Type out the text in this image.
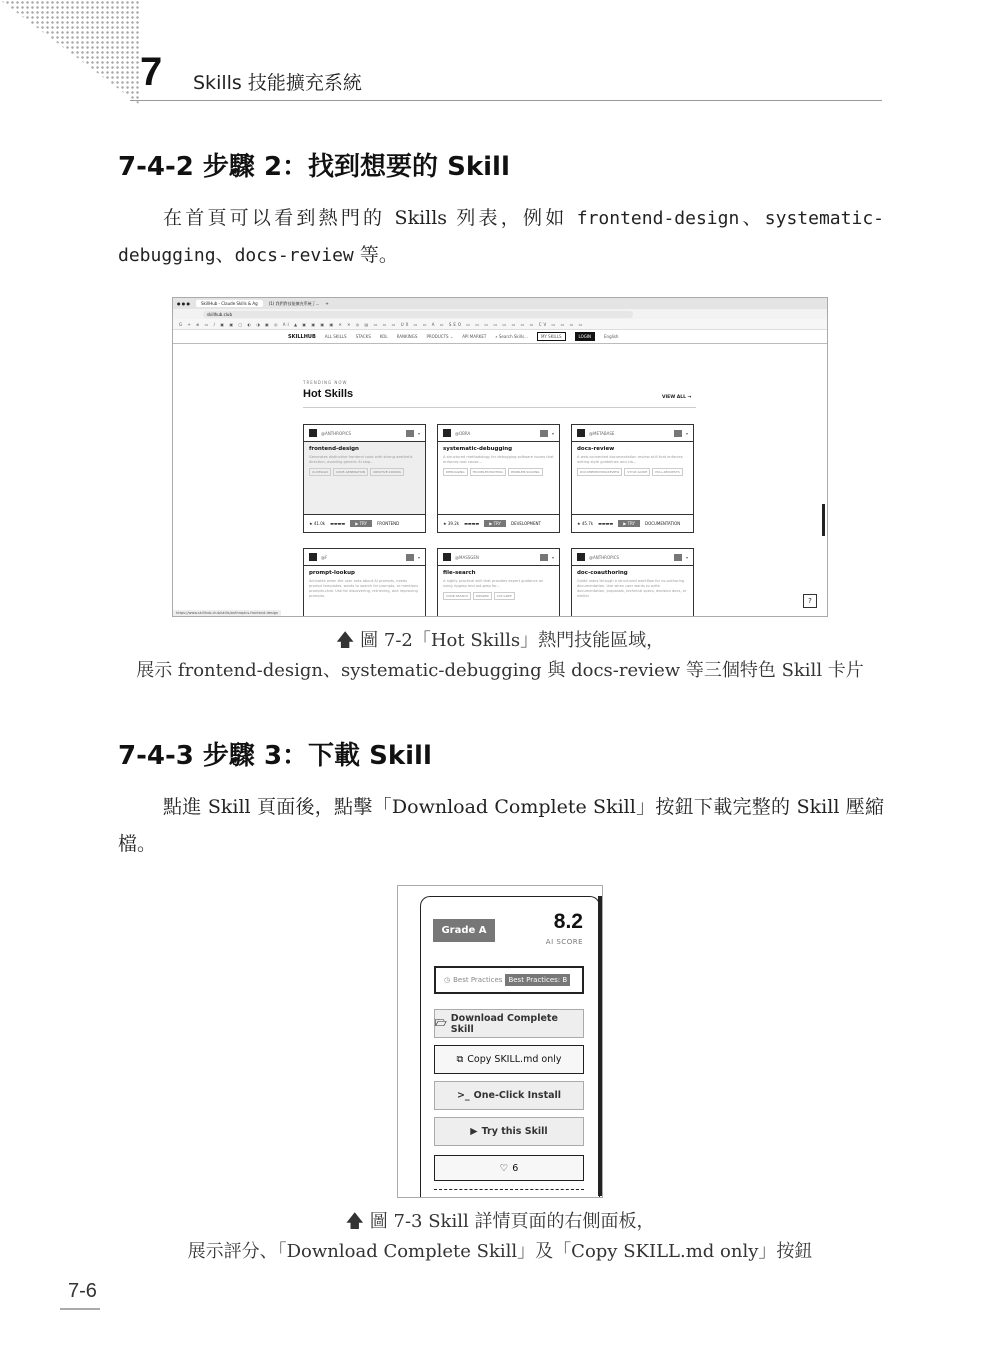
7 Skills 技能擴充系統
7-4-2 步驟 2：找到想要的 Skill

在首頁可以看到熱門的 Skills 列表，例如 frontend-design、systematic-debugging、docs-review 等。

● ● ●	SkillHub - Claude Skills & Ag	(1) 我們對技能擴充系統了... +
skillhub.club
G + ⊕ ▭ / ▣ ▣ ▢ ◐ ◑ ▣ ◎ AI ▲ ▣ ▣ ▣ ▣ ✕ ✕ ◎ ▤ ▭ ▭ ▭ UX ▭ ▭ A ▭ SEO ▭ ▭ ▭ ▭ ▭ ▭ ▭ ▭ CV ▭ ▭ ▭ ▭
SKILLHUB ALL SKILLS STACKS KOL RANKINGS PRODUCTS ⌄ API MARKET ⌕ Search Skills...	MY SKILLS	LOGIN	English
TRENDING NOW
Hot Skills	VIEW ALL →
@ANTHROPICS	▾
frontend-design
Generates distinctive frontend code with strong aesthetic direction, avoiding generic AI slop...
UI-DESIGN	CODE-GENERATION	CREATIVE-CODING
★ 41.0k ▬▬▬▬	▶ TRY	FRONTEND
@OBRA	▾
systematic-debugging
A structured methodology for debugging software issues that enforces root cause...
DEBUGGING	TROUBLESHOOTING	PROBLEM-SOLVING
★ 39.2k ▬▬▬▬	▶ TRY	DEVELOPMENT
@METABASE	▾
docs-review
A web-connected documentation review skill that enforces writing style guidelines and cla...
DOCUMENTATION-REVIEW	STYLE-GUIDE	PULL-REQUESTS
★ 45.7k ▬▬▬▬	▶ TRY	DOCUMENTATION
@F	▾
prompt-lookup
Activates when the user asks about AI prompts, needs prompt templates, wants to search for prompts, or mentions prompts.chat. Use for discovering, retrieving, and improving prompts.
@MASSGEN	▾
file-search
A highly practical skill that provides expert guidance on using ripgrep and ast-grep for...
CODE-SEARCH	RIPGREP	AST-GREP
@ANTHROPICS	▾
doc-coauthoring
Guide users through a structured workflow for co-authoring documentation. Use when user wants to write documentation, proposals, technical specs, decision docs, or similar
https://www.skillhub.club/skills/anthropics-frontend-design
?
🡅 圖 7-2「Hot Skills」熱門技能區域，
展示 frontend-design、systematic-debugging 與 docs-review 等三個特色 Skill 卡片
7-4-3 步驟 3：下載 Skill

點進 Skill 頁面後，點擊「Download Complete Skill」按鈕下載完整的 Skill 壓縮檔。

Grade A	8.2
AI SCORE
◷ Best Practices Best Practices: B
🗁 Download Complete Skill
⧉ Copy SKILL.md only
>_ One-Click Install
▶ Try this Skill
♡ 6
🡅 圖 7-3 Skill 詳情頁面的右側面板，
展示評分、「Download Complete Skill」及「Copy SKILL.md only」按鈕
7-6
